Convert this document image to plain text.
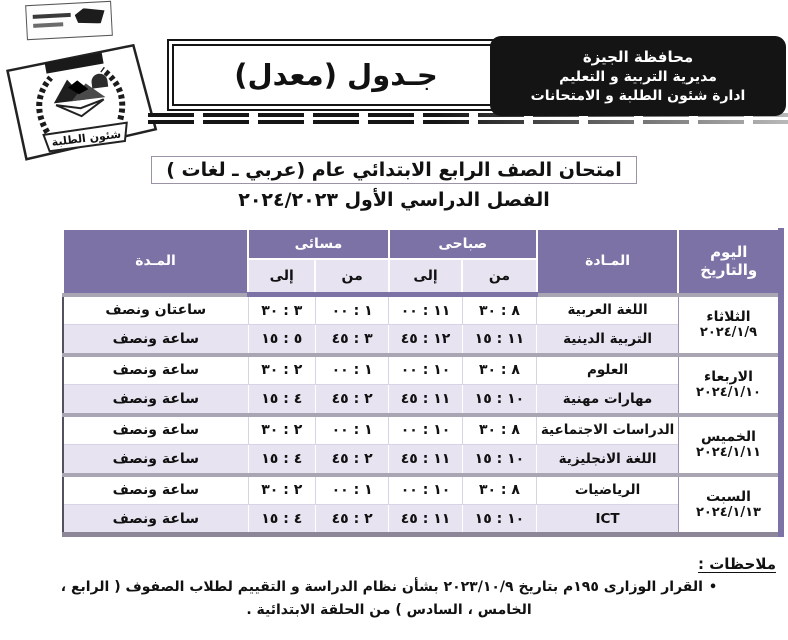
شئون الطلبة
جـدول (معدل)
محافظة الجيزة
مديرية التربية و التعليم
ادارة شئون الطلبة و الامتحانات
امتحان الصف الرابع الابتدائي عام (عربي ـ لغات )
الفصل الدراسي الأول ٢٠٢٤/٢٠٢٣
اليوم والتاريخ	المـادة	صباحى		مسائى		المـدة
		من	إلى	من	إلى	

الثلاثاء
٢٠٢٤/١/٩	اللغة العربية	٨ : ٣٠	١١ : ٠٠	١ : ٠٠	٣ : ٣٠	ساعتان ونصف
	التربية الدينية	١١ : ١٥	١٢ : ٤٥	٣ : ٤٥	٥ : ١٥	ساعة ونصف

الاربعاء
٢٠٢٤/١/١٠	العلوم	٨ : ٣٠	١٠ : ٠٠	١ : ٠٠	٢ : ٣٠	ساعة ونصف
	مهارات مهنية	١٠ : ١٥	١١ : ٤٥	٢ : ٤٥	٤ : ١٥	ساعة ونصف

الخميس
٢٠٢٤/١/١١	الدراسات الاجتماعية	٨ : ٣٠	١٠ : ٠٠	١ : ٠٠	٢ : ٣٠	ساعة ونصف
	اللغة الانجليزية	١٠ : ١٥	١١ : ٤٥	٢ : ٤٥	٤ : ١٥	ساعة ونصف

السبت
٢٠٢٤/١/١٣	الرياضيات	٨ : ٣٠	١٠ : ٠٠	١ : ٠٠	٢ : ٣٠	ساعة ونصف
	ICT	١٠ : ١٥	١١ : ٤٥	٢ : ٤٥	٤ : ١٥	ساعة ونصف
ملاحظات :
•القرار الوزارى ١٩٥م بتاريخ ٢٠٢٣/١٠/٩ بشأن نظام الدراسة و التقييم لطلاب الصفوف ( الرابع ، الخامس ، السادس ) من الحلقة الابتدائية .
